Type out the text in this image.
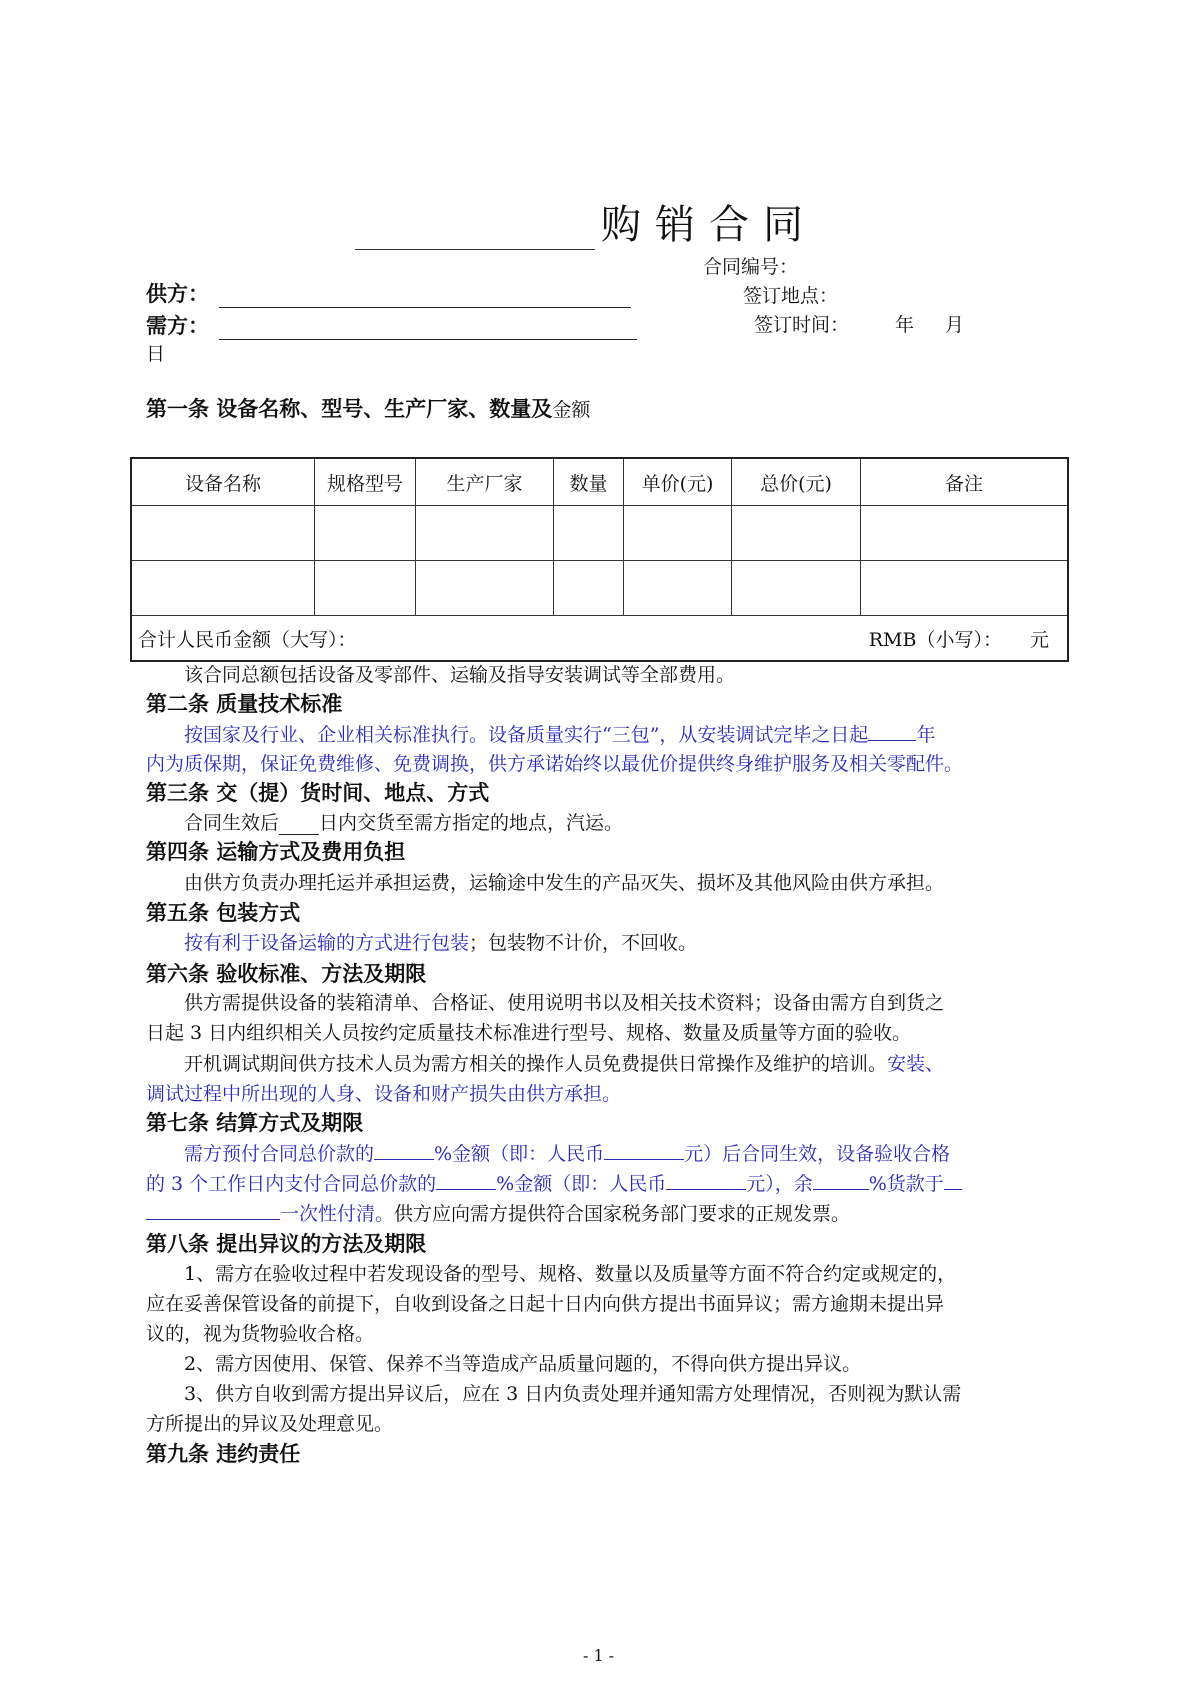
购销合同
合同编号：
供方：	签订地点：
需方：	签订时间： 年 月
日
第一条 设备名称、型号、生产厂家、数量及金额
设备名称	规格型号	生产厂家	数量	单价(元)	总价(元)	备注

合计人民币金额（大写）： RMB（小写）： 元						
该合同总额包括设备及零部件、运输及指导安装调试等全部费用。
第二条 质量技术标准
按国家及行业、企业相关标准执行。设备质量实行“三包”，从安装调试完毕之日起	年
内为质保期，保证免费维修、免费调换，供方承诺始终以最优价提供终身维护服务及相关零配件。
第三条 交（提）货时间、地点、方式
合同生效后 日内交货至需方指定的地点，汽运。
第四条 运输方式及费用负担
由供方负责办理托运并承担运费，运输途中发生的产品灭失、损坏及其他风险由供方承担。
第五条 包装方式
按有利于设备运输的方式进行包装；包装物不计价，不回收。
第六条 验收标准、方法及期限
供方需提供设备的装箱清单、合格证、使用说明书以及相关技术资料；设备由需方自到货之
日起 3 日内组织相关人员按约定质量技术标准进行型号、规格、数量及质量等方面的验收。
开机调试期间供方技术人员为需方相关的操作人员免费提供日常操作及维护的培训。安装、
调试过程中所出现的人身、设备和财产损失由供方承担。
第七条 结算方式及期限
需方预付合同总价款的	%金额（即：人民币	元）后合同生效，设备验收合格
的 3 个工作日内支付合同总价款的	%金额（即：人民币	元），余	%货款于
一次性付清。供方应向需方提供符合国家税务部门要求的正规发票。
第八条 提出异议的方法及期限
1、需方在验收过程中若发现设备的型号、规格、数量以及质量等方面不符合约定或规定的，
应在妥善保管设备的前提下，自收到设备之日起十日内向供方提出书面异议；需方逾期未提出异
议的，视为货物验收合格。
2、需方因使用、保管、保养不当等造成产品质量问题的，不得向供方提出异议。
3、供方自收到需方提出异议后，应在 3 日内负责处理并通知需方处理情况，否则视为默认需
方所提出的异议及处理意见。
第九条 违约责任
- 1 -
